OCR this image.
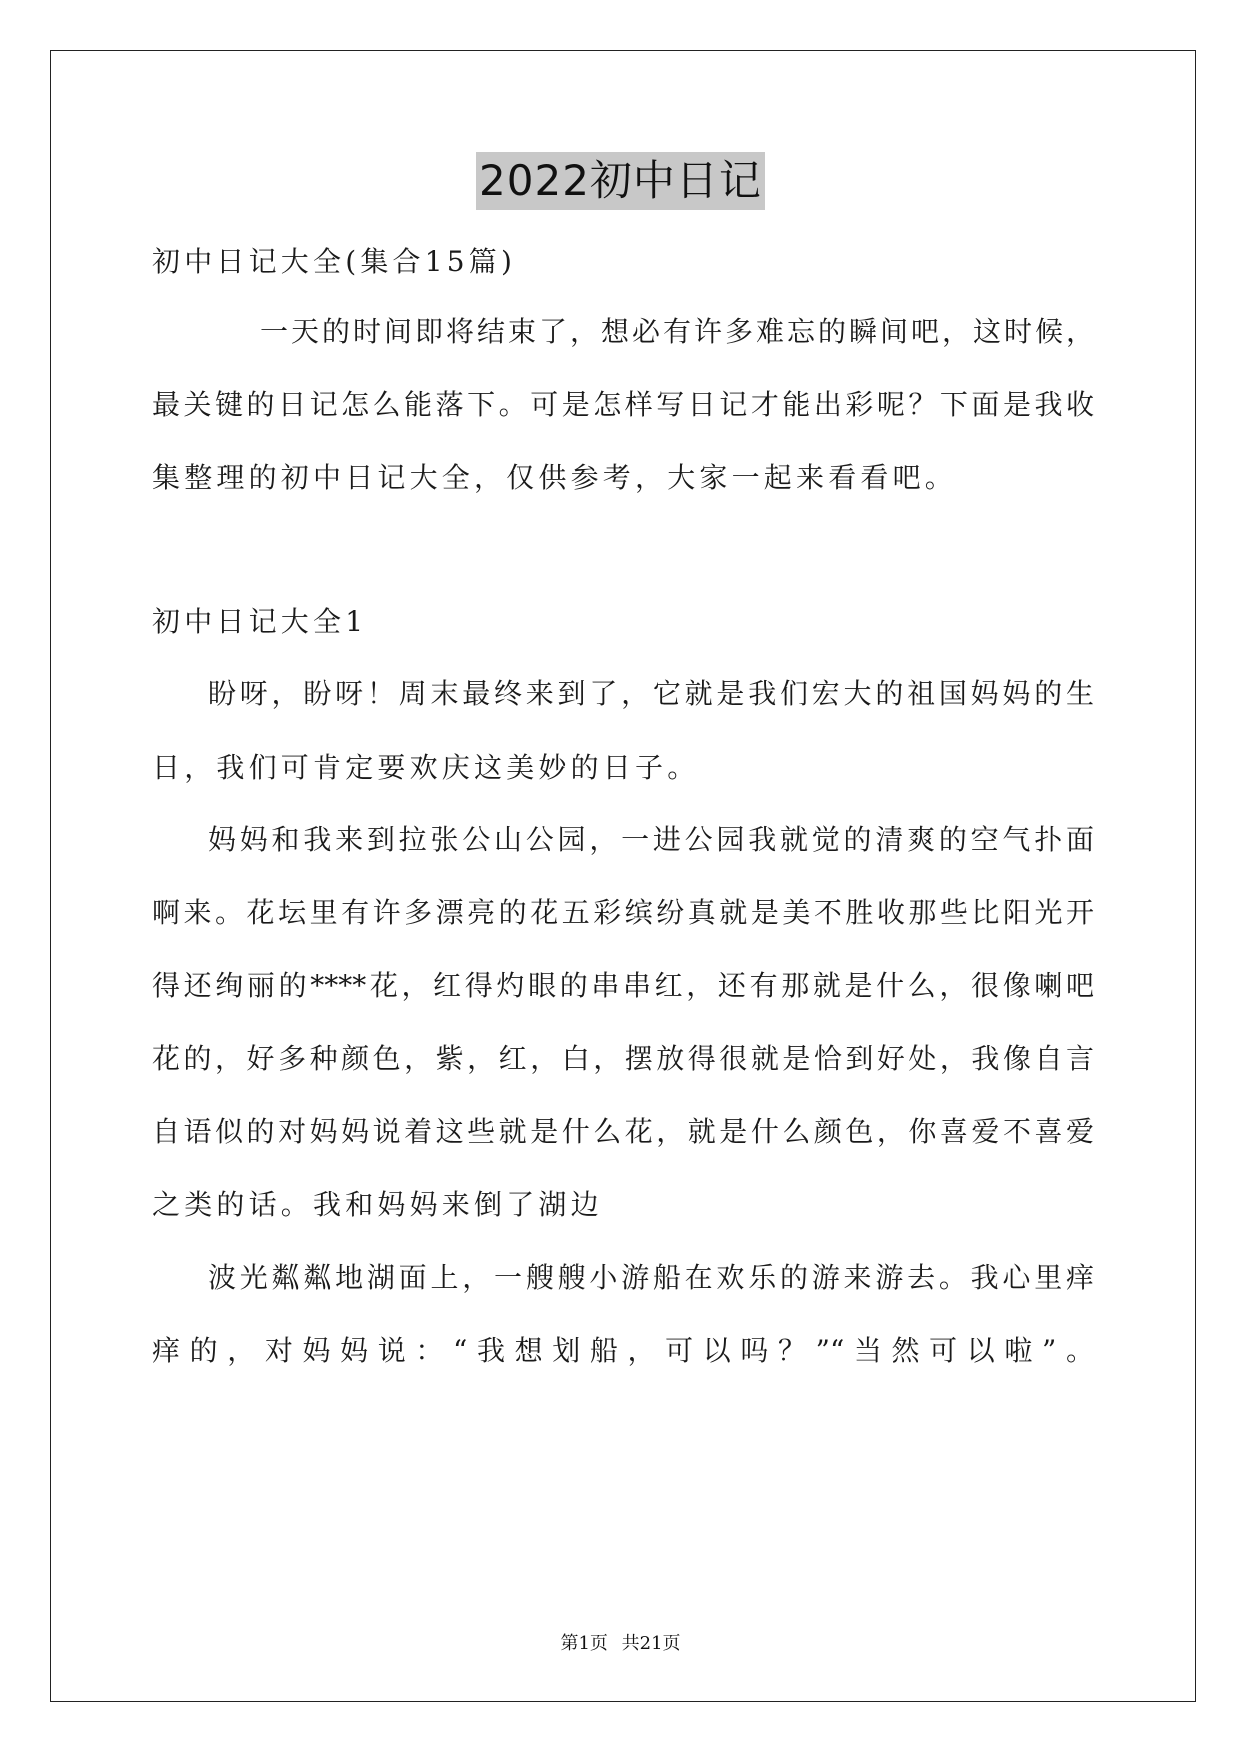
2022初中日记
初中日记大全(集合15篇)
一天的时间即将结束了，想必有许多难忘的瞬间吧，这时候，
最关键的日记怎么能落下。可是怎样写日记才能出彩呢？下面是我收
集整理的初中日记大全，仅供参考，大家一起来看看吧。
初中日记大全1
盼呀，盼呀！周末最终来到了，它就是我们宏大的祖国妈妈的生
日，我们可肯定要欢庆这美妙的日子。
妈妈和我来到拉张公山公园，一进公园我就觉的清爽的空气扑面
啊来。花坛里有许多漂亮的花五彩缤纷真就是美不胜收那些比阳光开
得还绚丽的****花，红得灼眼的串串红，还有那就是什么，很像喇吧
花的，好多种颜色，紫，红，白，摆放得很就是恰到好处，我像自言
自语似的对妈妈说着这些就是什么花，就是什么颜色，你喜爱不喜爱
之类的话。我和妈妈来倒了湖边
波光粼粼地湖面上，一艘艘小游船在欢乐的游来游去。我心里痒
痒的，对妈妈说：“我想划船，可以吗？”“当然可以啦”。
第1页 共21页
